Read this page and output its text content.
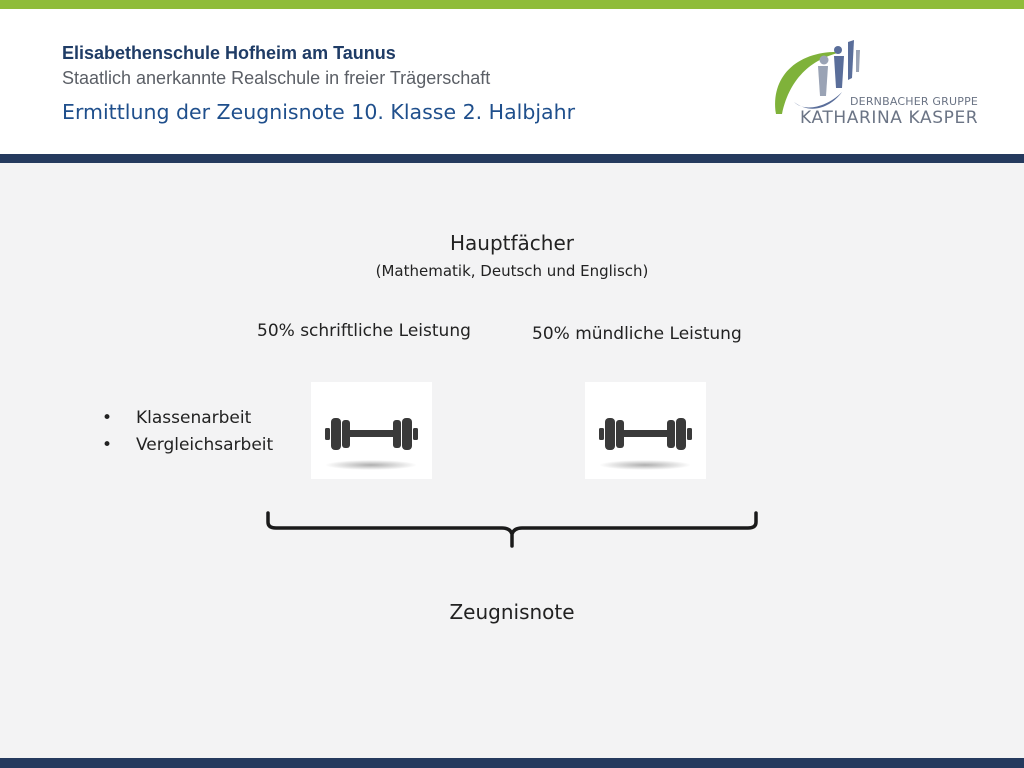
Elisabethenschule Hofheim am Taunus
Staatlich anerkannte Realschule in freier Trägerschaft
Ermittlung der Zeugnisnote 10. Klasse 2. Halbjahr	DERNBACHER GRUPPE
KATHARINA KASPER
Hauptfächer
(Mathematik, Deutsch und Englisch)
50% schriftliche Leistung	50% mündliche Leistung
• Klassenarbeit
• Vergleichsarbeit
Zeugnisnote
